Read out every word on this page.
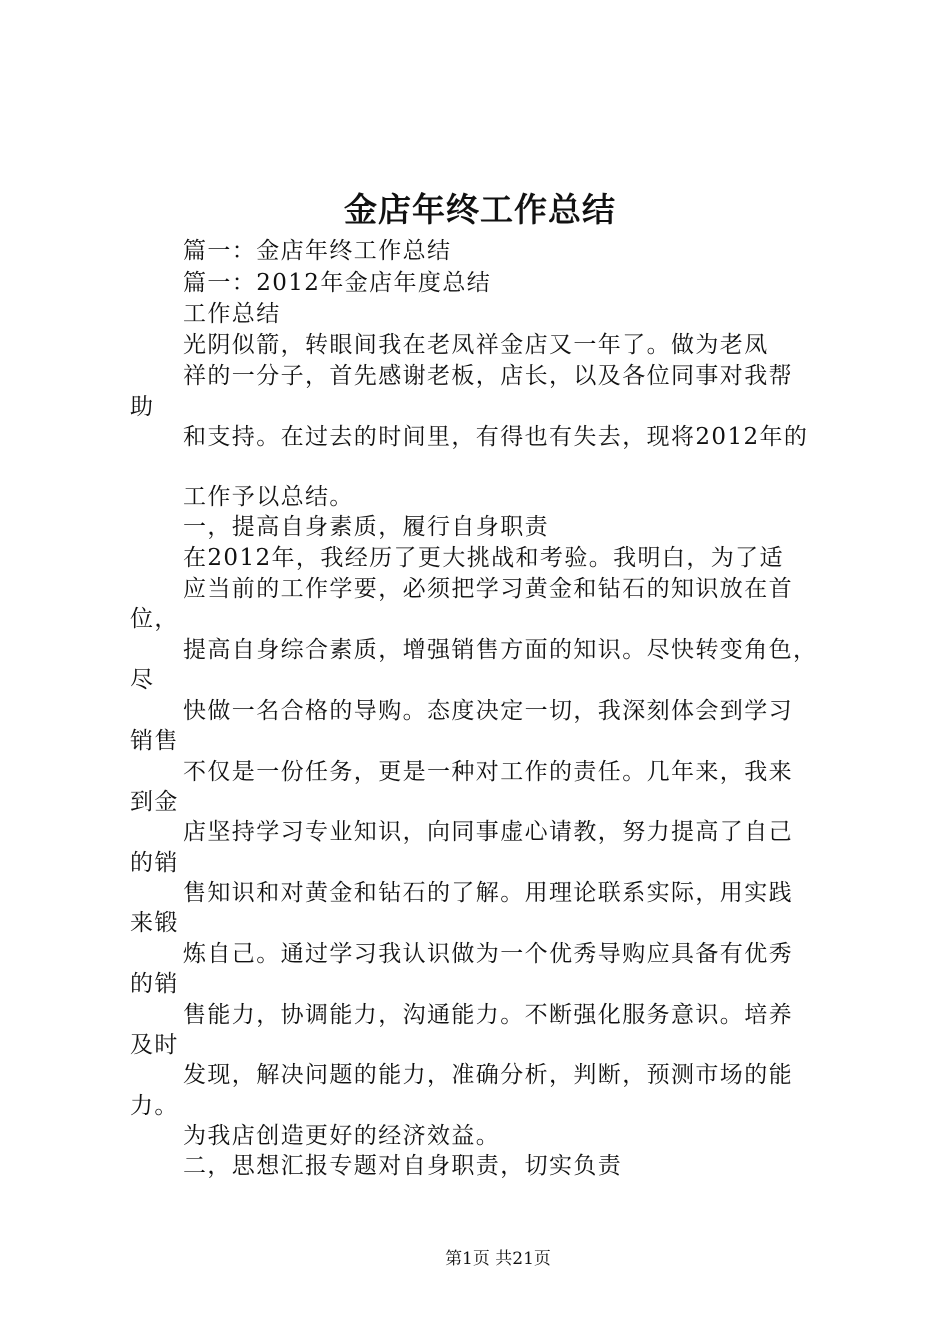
金店年终工作总结
篇一：金店年终工作总结
篇一：2012年金店年度总结
工作总结
光阴似箭，转眼间我在老凤祥金店又一年了。做为老凤
祥的一分子，首先感谢老板，店长，以及各位同事对我帮
助
和支持。在过去的时间里，有得也有失去，现将2012年的
工作予以总结。
一，提高自身素质，履行自身职责
在2012年，我经历了更大挑战和考验。我明白，为了适
应当前的工作学要，必须把学习黄金和钻石的知识放在首
位，
提高自身综合素质，增强销售方面的知识。尽快转变角色，
尽
快做一名合格的导购。态度决定一切，我深刻体会到学习
销售
不仅是一份任务，更是一种对工作的责任。几年来，我来
到金
店坚持学习专业知识，向同事虚心请教，努力提高了自己
的销
售知识和对黄金和钻石的了解。用理论联系实际，用实践
来锻
炼自己。通过学习我认识做为一个优秀导购应具备有优秀
的销
售能力，协调能力，沟通能力。不断强化服务意识。培养
及时
发现，解决问题的能力，准确分析，判断，预测市场的能
力。
为我店创造更好的经济效益。
二，思想汇报专题对自身职责，切实负责
第1页 共21页
